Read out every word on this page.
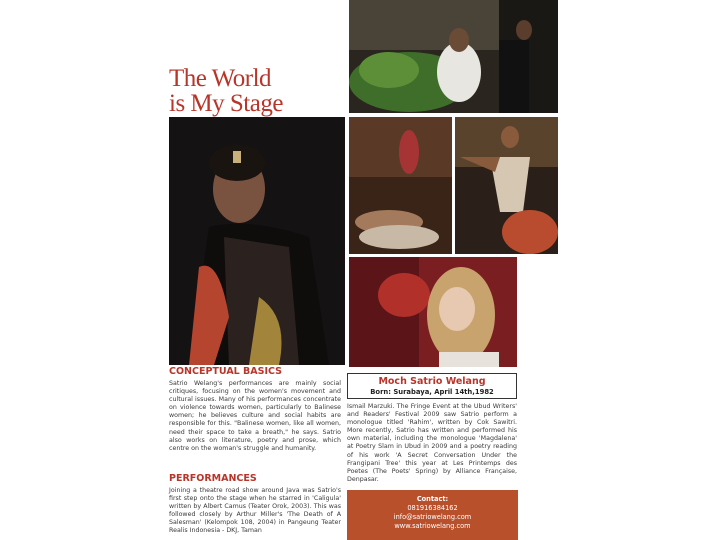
The World
is My Stage
CONCEPTUAL BASICS
Satrio Welang's performances are mainly social critiques, focusing on the women's movement and cultural issues. Many of his performances concentrate on violence towards women, particularly to Balinese women; he believes culture and social habits are responsible for this. "Balinese women, like all women, need their space to take a breath," he says. Satrio also works on literature, poetry and prose, which centre on the woman's struggle and humanity.
PERFORMANCES
Joining a theatre road show around Java was Satrio's first step onto the stage when he starred in 'Caligula' written by Albert Camus (Teater Orok, 2003). This was followed closely by Arthur Miller's 'The Death of A Salesman' (Kelompok 108, 2004) in Pangeung Teater Realis Indonesia - DKJ, Taman
Moch Satrio Welang
Born: Surabaya, April 14th,1982
Ismail Marzuki. The Fringe Event at the Ubud Writers' and Readers' Festival 2009 saw Satrio perform a monologue titled 'Rahim', written by Cok Sawitri. More recently, Satrio has written and performed his own material, including the monologue 'Magdalena' at Poetry Slam in Ubud in 2009 and a poetry reading of his work 'A Secret Conversation Under the Frangipani Tree' this year at Les Printemps des Poetes (The Poets' Spring) by Alliance Française, Denpasar.
Contact:
081916384162
info@satriowelang.com
www.satriowelang.com
